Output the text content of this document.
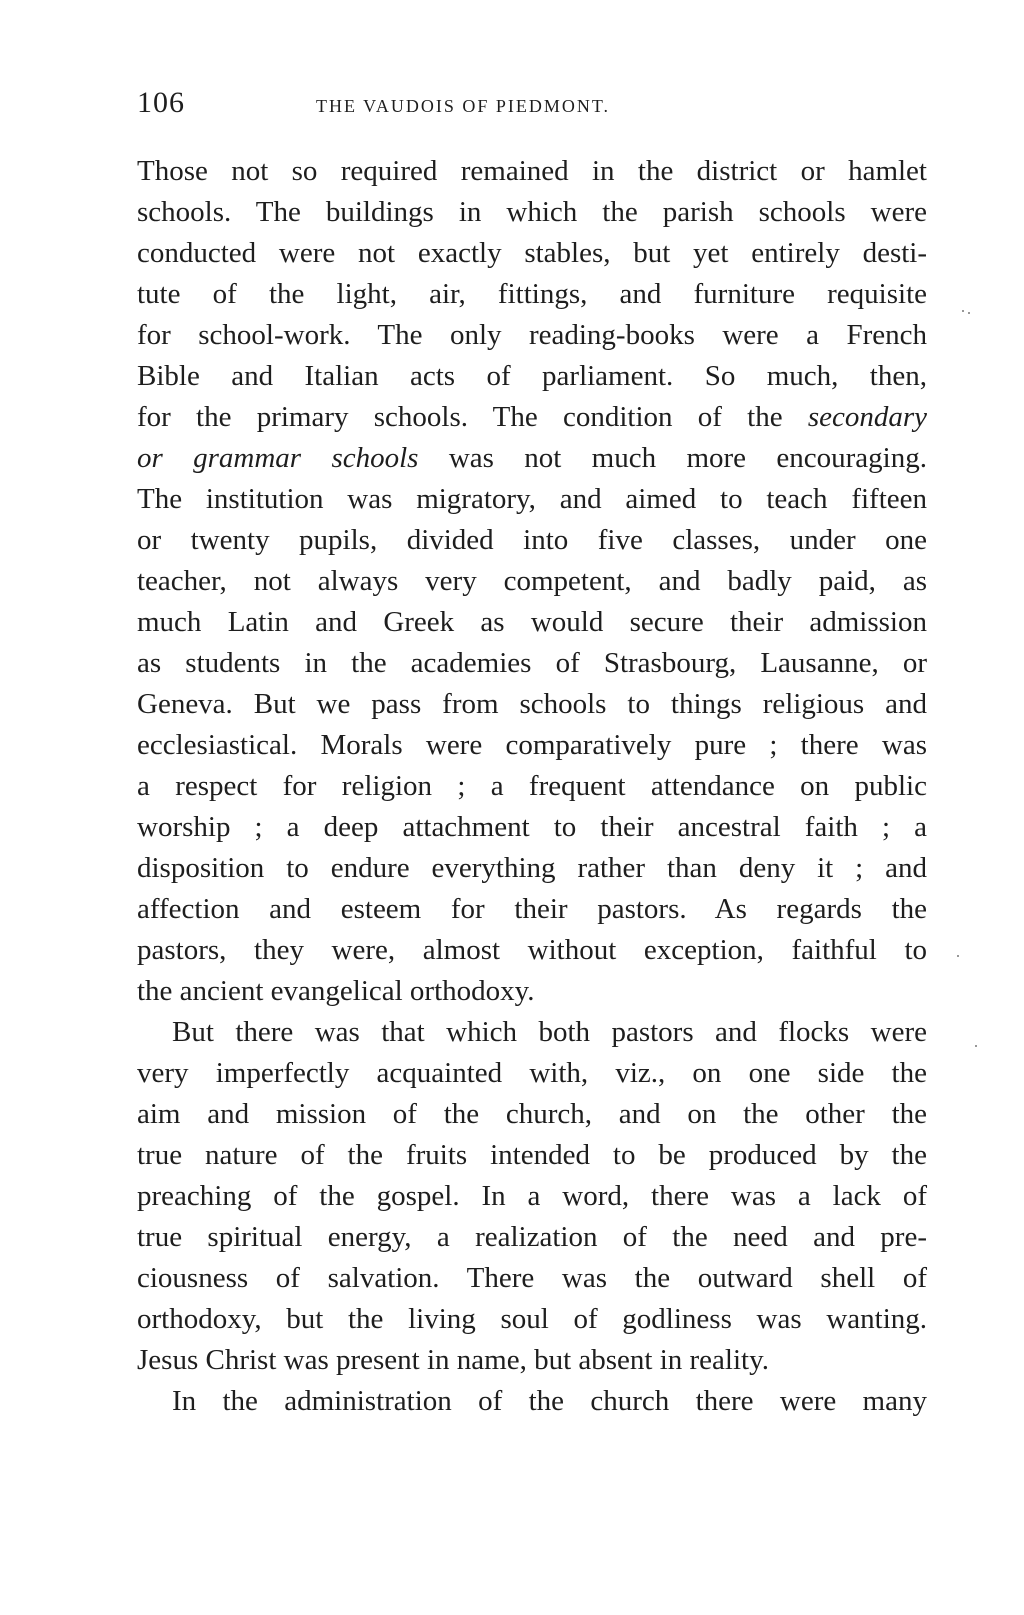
106	THE VAUDOIS OF PIEDMONT.
Those not so required remained in the district or hamlet
schools. The buildings in which the parish schools were
conducted were not exactly stables, but yet entirely desti-
tute of the light, air, fittings, and furniture requisite
for school-work. The only reading-books were a French
Bible and Italian acts of parliament. So much, then,
for the primary schools. The condition of the secondary
or grammar schools was not much more encouraging.
The institution was migratory, and aimed to teach fifteen
or twenty pupils, divided into five classes, under one
teacher, not always very competent, and badly paid, as
much Latin and Greek as would secure their admission
as students in the academies of Strasbourg, Lausanne, or
Geneva. But we pass from schools to things religious and
ecclesiastical. Morals were comparatively pure ; there was
a respect for religion ; a frequent attendance on public
worship ; a deep attachment to their ancestral faith ; a
disposition to endure everything rather than deny it ; and
affection and esteem for their pastors. As regards the
pastors, they were, almost without exception, faithful to
the ancient evangelical orthodoxy.
But there was that which both pastors and flocks were
very imperfectly acquainted with, viz., on one side the
aim and mission of the church, and on the other the
true nature of the fruits intended to be produced by the
preaching of the gospel. In a word, there was a lack of
true spiritual energy, a realization of the need and pre-
ciousness of salvation. There was the outward shell of
orthodoxy, but the living soul of godliness was wanting.
Jesus Christ was present in name, but absent in reality.
In the administration of the church there were many
